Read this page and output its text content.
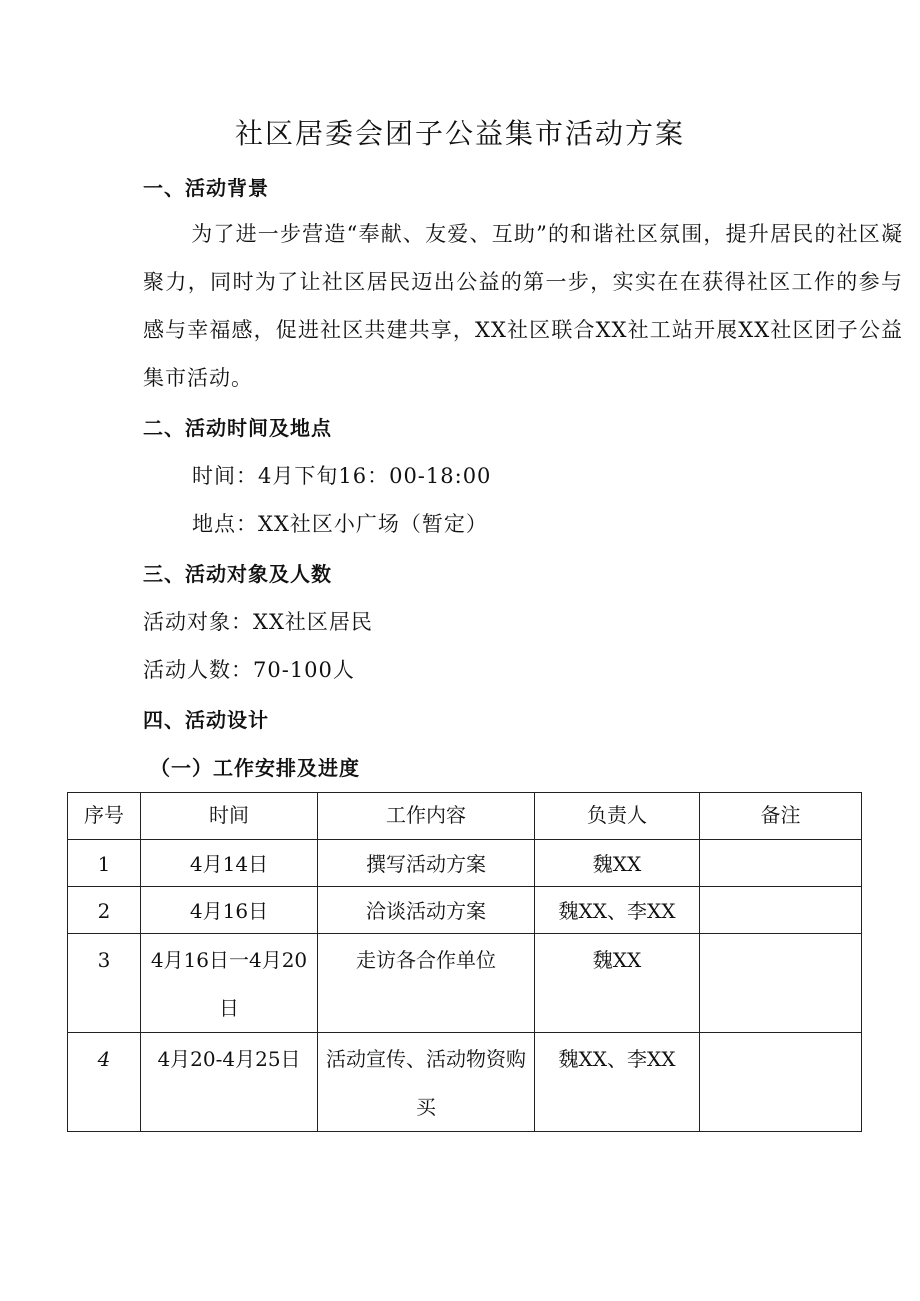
社区居委会团子公益集市活动方案
一、活动背景
为了进一步营造“奉献、友爱、互助”的和谐社区氛围，提升居民的社区凝聚力，同时为了让社区居民迈出公益的第一步，实实在在获得社区工作的参与感与幸福感，促进社区共建共享，XX社区联合XX社工站开展XX社区团子公益集市活动。
二、活动时间及地点
时间：4月下旬16：00-18:00
地点：XX社区小广场（暂定）
三、活动对象及人数
活动对象：XX社区居民
活动人数：70-100人
四、活动设计
（一）工作安排及进度
序号	时间	工作内容	负责人	备注
1	4月14日	撰写活动方案	魏XX	
2	4月16日	洽谈活动方案	魏XX、李XX	
3	4月16日一4月20日	走访各合作单位	魏XX	
4	4月20-4月25日	活动宣传、活动物资购买	魏XX、李XX	
